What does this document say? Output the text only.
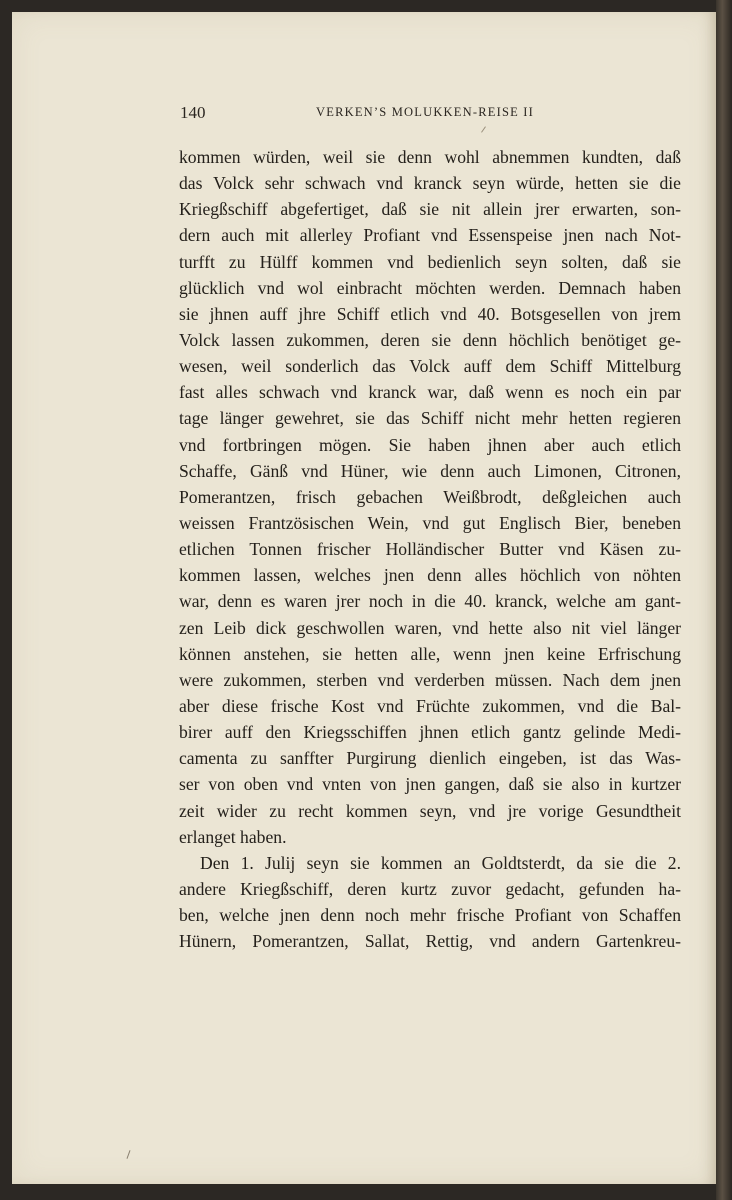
140	VERKEN’S MOLUKKEN-REISE II
kommen würden, weil sie denn wohl abnemmen kundten, daß
das Volck sehr schwach vnd kranck seyn würde, hetten sie die
Kriegßschiff abgefertiget, daß sie nit allein jrer erwarten, son-
dern auch mit allerley Profiant vnd Essenspeise jnen nach Not-
turfft zu Hülff kommen vnd bedienlich seyn solten, daß sie
glücklich vnd wol einbracht möchten werden. Demnach haben
sie jhnen auff jhre Schiff etlich vnd 40. Botsgesellen von jrem
Volck lassen zukommen, deren sie denn höchlich benötiget ge-
wesen, weil sonderlich das Volck auff dem Schiff Mittelburg
fast alles schwach vnd kranck war, daß wenn es noch ein par
tage länger gewehret, sie das Schiff nicht mehr hetten regieren
vnd fortbringen mögen. Sie haben jhnen aber auch etlich
Schaffe, Gänß vnd Hüner, wie denn auch Limonen, Citronen,
Pomerantzen, frisch gebachen Weißbrodt, deßgleichen auch
weissen Frantzösischen Wein, vnd gut Englisch Bier, beneben
etlichen Tonnen frischer Holländischer Butter vnd Käsen zu-
kommen lassen, welches jnen denn alles höchlich von nöhten
war, denn es waren jrer noch in die 40. kranck, welche am gant-
zen Leib dick geschwollen waren, vnd hette also nit viel länger
können anstehen, sie hetten alle, wenn jnen keine Erfrischung
were zukommen, sterben vnd verderben müssen. Nach dem jnen
aber diese frische Kost vnd Früchte zukommen, vnd die Bal-
birer auff den Kriegsschiffen jhnen etlich gantz gelinde Medi-
camenta zu sanffter Purgirung dienlich eingeben, ist das Was-
ser von oben vnd vnten von jnen gangen, daß sie also in kurtzer
zeit wider zu recht kommen seyn, vnd jre vorige Gesundtheit
erlanget haben.
Den 1. Julij seyn sie kommen an Goldtsterdt, da sie die 2.
andere Kriegßschiff, deren kurtz zuvor gedacht, gefunden ha-
ben, welche jnen denn noch mehr frische Profiant von Schaffen
Hünern, Pomerantzen, Sallat, Rettig, vnd andern Gartenkreu-
